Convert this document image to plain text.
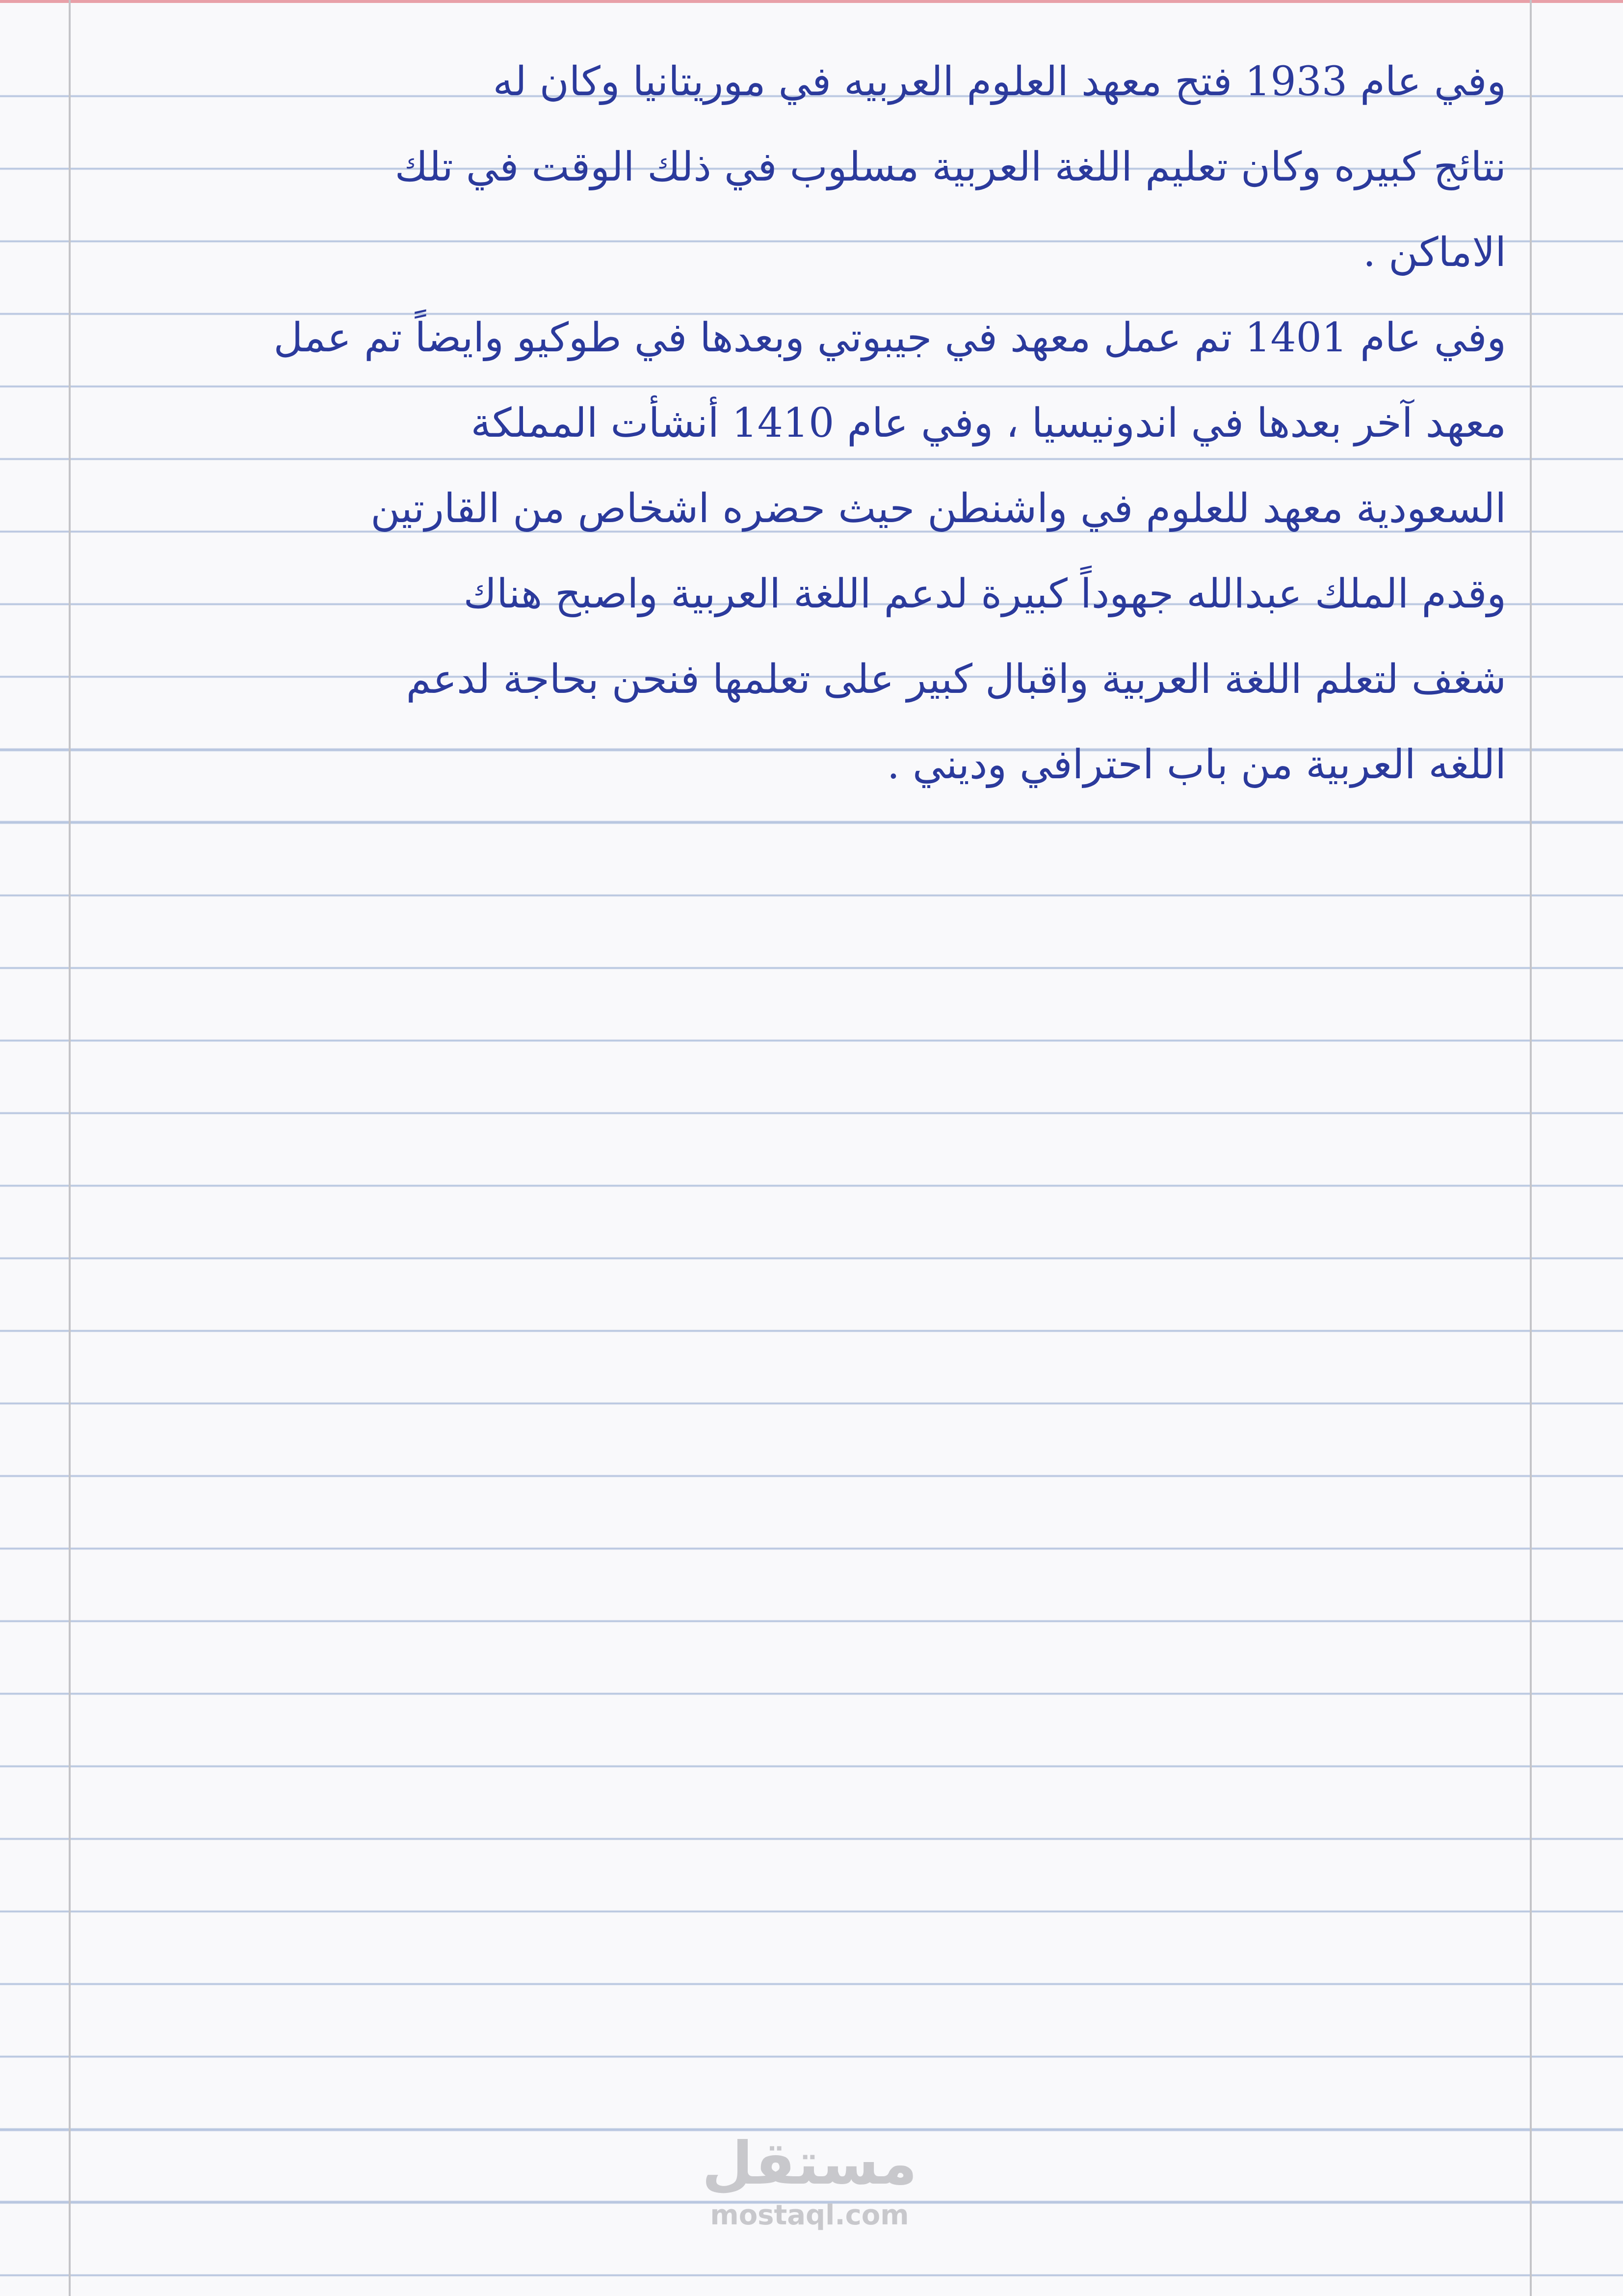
وفي عام 1933 فتح معهد العلوم العربيه في موريتانيا وكان له
نتائج كبيره وكان تعليم اللغة العربية مسلوب في ذلك الوقت في تلك
الاماكن .
وفي عام 1401 تم عمل معهد في جيبوتي وبعدها في طوكيو وايضاً تم عمل
معهد آخر بعدها في اندونيسيا ، وفي عام 1410 أنشأت المملكة
السعودية معهد للعلوم في واشنطن حيث حضره اشخاص من القارتين
وقدم الملك عبدالله جهوداً كبيرة لدعم اللغة العربية واصبح هناك
شغف لتعلم اللغة العربية واقبال كبير على تعلمها فنحن بحاجة لدعم
اللغه العربية من باب احترافي وديني .
مستقل
mostaql.com
